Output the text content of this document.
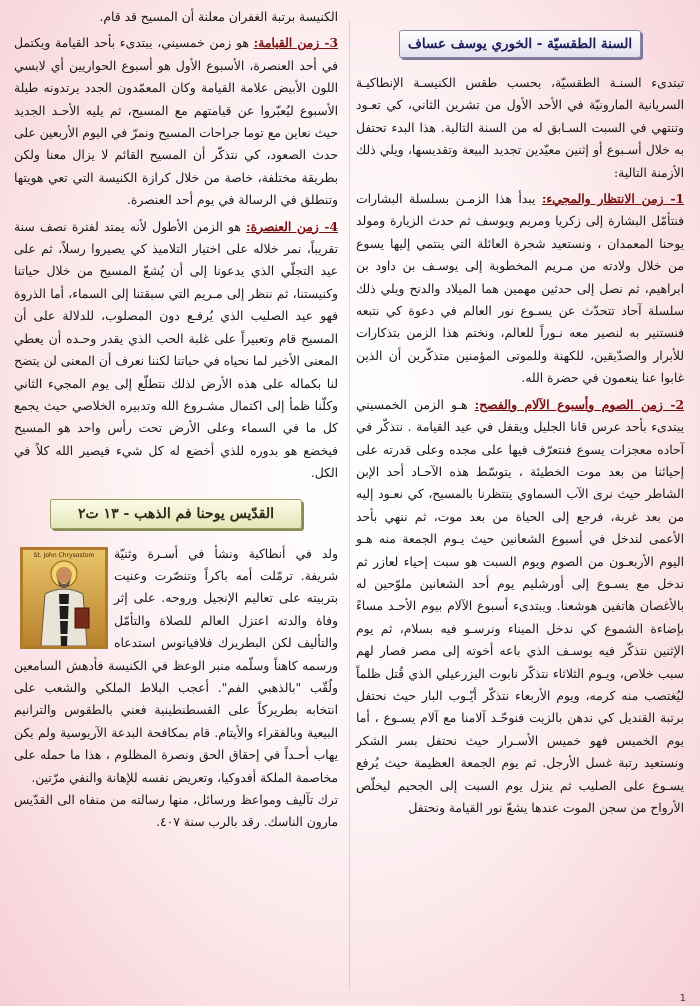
السنة الطقسيّة - الخوري يوسف عساف

تبتدىء السنـة الطقسيّة، بحسب طقس الكنيسـة الإنطاكيـة السريانية المارونيّة في الأحد الأول من تشرين الثاني، كي تعـود وتنتهي في السبت السـابق له من السنة التالية. هذا البدء تحتفل به خلال أسـبوع أو إثنين معيّدين تجديد البيعة وتقديسها، ويلي ذلك الأزمنة التالية:

1- زمن الانتظار والمجيء: يبدأ هذا الزمـن بسلسلة البشارات فنتأمّل البشارة إلى زكريا ومريم ويوسف ثم حدث الزيارة ومولد يوحنا المعمدان ، ونستعيد شجرة العائلة التي ينتمي إليها يسوع من خلال ولادته من مـريم المخطوبة إلى يوسـف بن داود بن ابراهيم، ثم نصل إلى حدثين مهمين هما الميلاد والدنح ويلي ذلك سلسلة آحاد تتحدّث عن يسـوع نور العالم في دعوة كي نتبعه فنستنير به لنصير معه نـوراً للعالم، ونختم هذا الزمن بتذكارات للأبرار والصدّيقين، للكهنة وللموتى المؤمنين متذكّرين أن الذين غابوا عنا ينعمون في حضرة الله.

2- زمن الصوم وأسبوع الآلام والفصح: هـو الزمن الخمسيني يبتدىء بأحد عرس قانا الجليل ويقفل في عيد القيامة . نتذكّر في آحاده معجزات يسوع فنتعرّف فيها على مجده وعلى قدرته على إحيائنا من بعد موت الخطيئة ، يتوسّط هذه الآحـاد أحد الإبن الشاطر حيث نرى الآب السماوي ينتظرنا بالمسيح، كي نعـود إليه من بعد غربة، فرجع إلى الحياة من بعد موت، ثم ننهي بأحد الأعمى لندخل في أسبوع الشعانين حيث يـوم الجمعة منه هـو اليوم الأربعـون من الصوم ويوم السبت هو سبت إحياء لعازر ثم ندخل مع يسـوع إلى أورشليم يوم أحد الشعانين ملوّحين له بالأغصان هاتفين هوشعنا. ويبتدىء أسبوع الآلام بيوم الأحـد مساءً بإضاءة الشموع كي ندخل الميناء ونرسـو فيه بسلام، ثم يوم الإثنين نتذكّر فيه يوسـف الذي باعه أخوته إلى مصر فصار لهم سبب خلاص، ويـوم الثلاثاء نتذكّر نابوت اليزرعيلي الذي قُتل ظلماً ليُغتصب منه كرمه، ويوم الأربعاء نتذكّر أيّـوب البار حيث نحتفل برتبة القنديل كي ندهن بالزيت فنوحّـد آلامنا مع آلام يسـوع ، أما يوم الخميس فهو خميس الأسـرار حيث نحتفل بسر الشكر ونستعيد رتبة غسل الأرجل. ثم يوم الجمعة العظيمة حيث يُرفع يسـوع على الصليب ثم ينزل يوم السبت إلى الجحيم ليخلّص الأرواح من سجن الموت عندها يشعّ نور القيامة ونحتفل

الكنيسة برتبة الغفران معلنة أن المسيح قد قام.

3- زمن القيامة: هو زمن خمسيني، يبتدىء بأحد القيامة ويكتمل في أحد العنصرة، الأسبوع الأول هو أسبوع الحواريين أي لابسي اللون الأبيض علامة القيامة وكان المعمّدون الجدد يرتدونه طيلة الأسبوع ليُعبّروا عن قيامتهم مع المسيح، ثم يليه الأحـد الجديد حيث نعاين مع توما جراحات المسيح ونمرّ في اليوم الأربعين على حدث الصعود، كي نتذكّر أن المسيح القائم لا يزال معنا ولكن بطريقة مختلفة، خاصة من خلال كرازة الكنيسة التي تعي هويتها وتنطلق في الرسالة في يوم أحد العنصرة.

4- زمن العنصرة: هو الزمن الأطول لأنه يمتد لفترة نصف سنة تقريباً، نمر خلاله على اختيار التلاميذ كي يصيروا رسلاً، ثم على عيد التجلّي الذي يدعونا إلى أن يُشعّ المسيح من خلال حياتنا وكنيستنا، ثم ننظر إلى مـريم التي سبقتنا إلى السماء، أما الذروة فهو عيد الصليب الذي يُرفـع دون المصلوب، للدلالة على أن المسيح قام وتعبيراً على غلبة الحب الذي يقدر وحـده أن يعطي المعنى الأخير لما نحياه في حياتنا لكننا نعرف أن المعنى لن يتضح لنا بكماله على هذه الأرض لذلك نتطلّع إلى يوم المجيء الثاني وكلّنا ظمأ إلى اكتمال مشـروع الله وتدبيره الخلاصي حيث يجمع كل ما في السماء وعلى الأرض تحت رأس واحد هو المسيح فيخضع هو بدوره للذي أخضع له كل شيء فيصير الله كلاً في الكل.

القدّيس يوحنا فم الذهب - ١٣ ت٢
St. John Chrysostom	ولد في أنطاكية ونشأ في أسـرة وثنيّة شريفة. ترمّلت أمه باكراً وتنصّرت وعنيت بتربيته على تعاليم الإنجيل وروحه. على إثر وفاة والدته اعتزل العالم للصلاة والتأمّل والتأليف لكن البطريرك فلافيانوس استدعاه ورسمه كاهناً وسلّمه منبر الوعظ في الكنيسة فأدهش السامعين ولُقّب "بالذهبي الفم". أعجب البلاط الملكي والشعب على انتخابه بطريركاً على القسطنطينية فعني بالطقوس والترانيم البيعية وبالفقراء والأيتام. قام بمكافحة البدعة الآريوسية ولم يكن يهاب أحـداً في إحقاق الحق ونصرة المظلوم ، هذا ما حمله على مخاصمة الملكة أفدوكيا، وتعريض نفسه للإهانة والنفي مرّتين.

ترك تآليف ومواعظ ورسائل، منها رسالته من منفاه الى القدّيس مارون الناسك. رقد بالرب سنة ٤٠٧.

1
